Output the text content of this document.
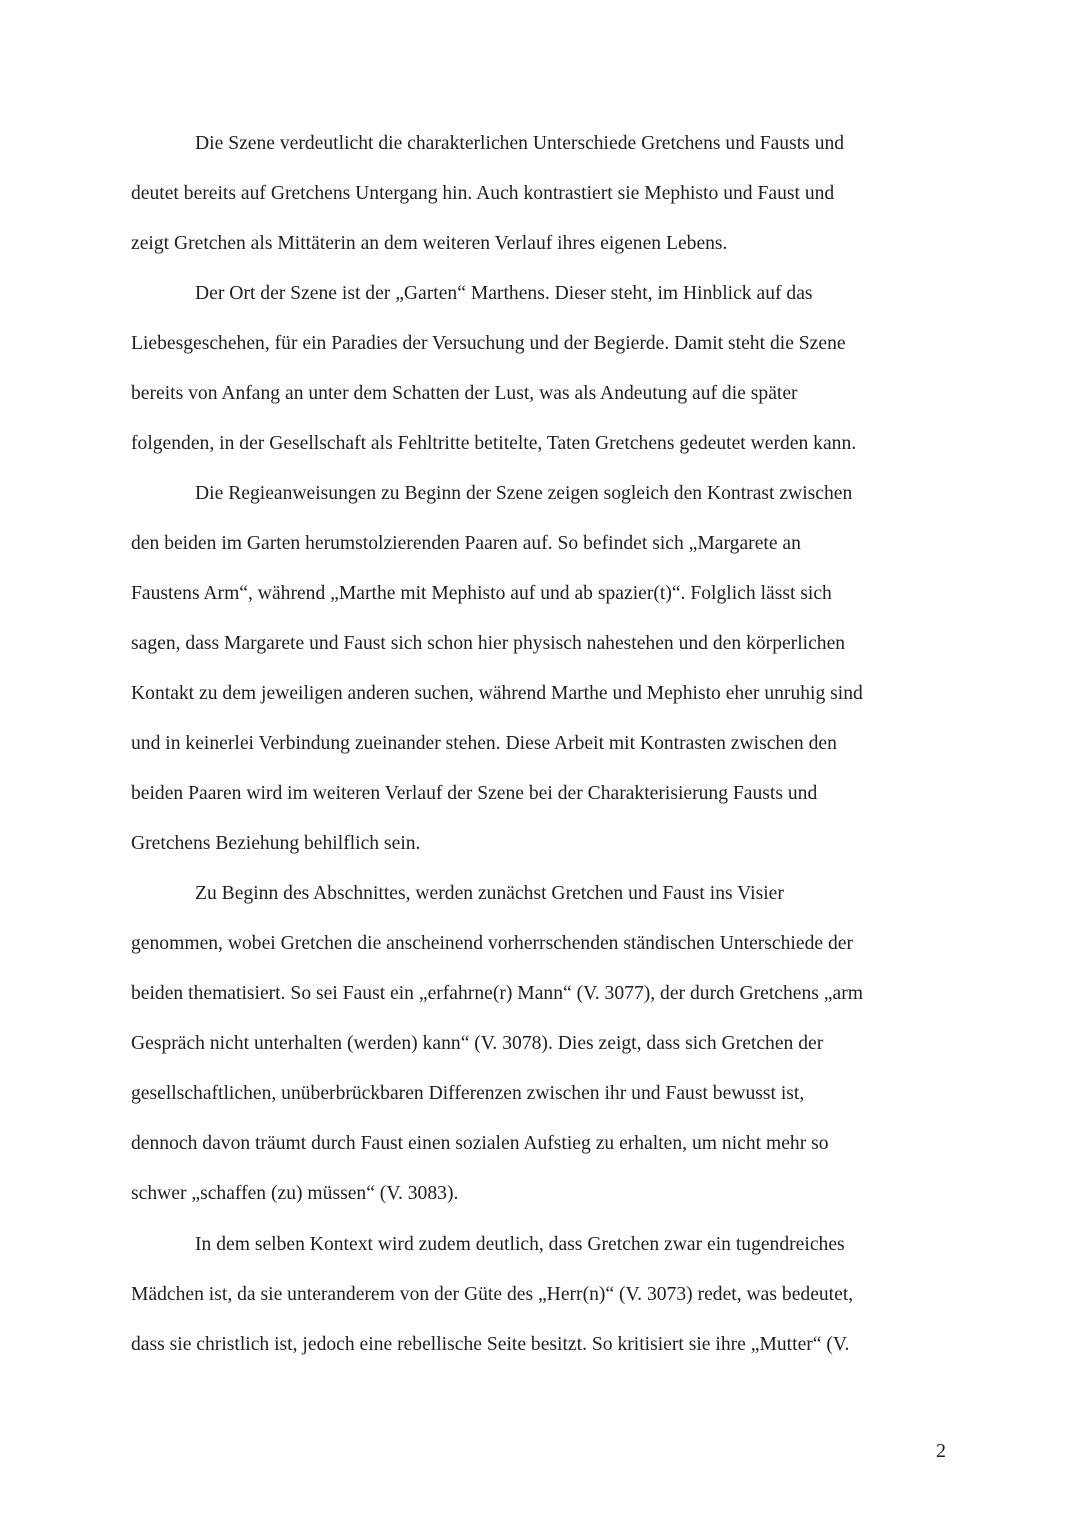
Die Szene verdeutlicht die charakterlichen Unterschiede Gretchens und Fausts und
deutet bereits auf Gretchens Untergang hin. Auch kontrastiert sie Mephisto und Faust und
zeigt Gretchen als Mittäterin an dem weiteren Verlauf ihres eigenen Lebens.
Der Ort der Szene ist der „Garten“ Marthens. Dieser steht, im Hinblick auf das
Liebesgeschehen, für ein Paradies der Versuchung und der Begierde. Damit steht die Szene
bereits von Anfang an unter dem Schatten der Lust, was als Andeutung auf die später
folgenden, in der Gesellschaft als Fehltritte betitelte, Taten Gretchens gedeutet werden kann.
Die Regieanweisungen zu Beginn der Szene zeigen sogleich den Kontrast zwischen
den beiden im Garten herumstolzierenden Paaren auf. So befindet sich „Margarete an
Faustens Arm“, während „Marthe mit Mephisto auf und ab spazier(t)“. Folglich lässt sich
sagen, dass Margarete und Faust sich schon hier physisch nahestehen und den körperlichen
Kontakt zu dem jeweiligen anderen suchen, während Marthe und Mephisto eher unruhig sind
und in keinerlei Verbindung zueinander stehen. Diese Arbeit mit Kontrasten zwischen den
beiden Paaren wird im weiteren Verlauf der Szene bei der Charakterisierung Fausts und
Gretchens Beziehung behilflich sein.
Zu Beginn des Abschnittes, werden zunächst Gretchen und Faust ins Visier
genommen, wobei Gretchen die anscheinend vorherrschenden ständischen Unterschiede der
beiden thematisiert. So sei Faust ein „erfahrne(r) Mann“ (V. 3077), der durch Gretchens „arm
Gespräch nicht unterhalten (werden) kann“ (V. 3078). Dies zeigt, dass sich Gretchen der
gesellschaftlichen, unüberbrückbaren Differenzen zwischen ihr und Faust bewusst ist,
dennoch davon träumt durch Faust einen sozialen Aufstieg zu erhalten, um nicht mehr so
schwer „schaffen (zu) müssen“ (V. 3083).
In dem selben Kontext wird zudem deutlich, dass Gretchen zwar ein tugendreiches
Mädchen ist, da sie unteranderem von der Güte des „Herr(n)“ (V. 3073) redet, was bedeutet,
dass sie christlich ist, jedoch eine rebellische Seite besitzt. So kritisiert sie ihre „Mutter“ (V.
2
